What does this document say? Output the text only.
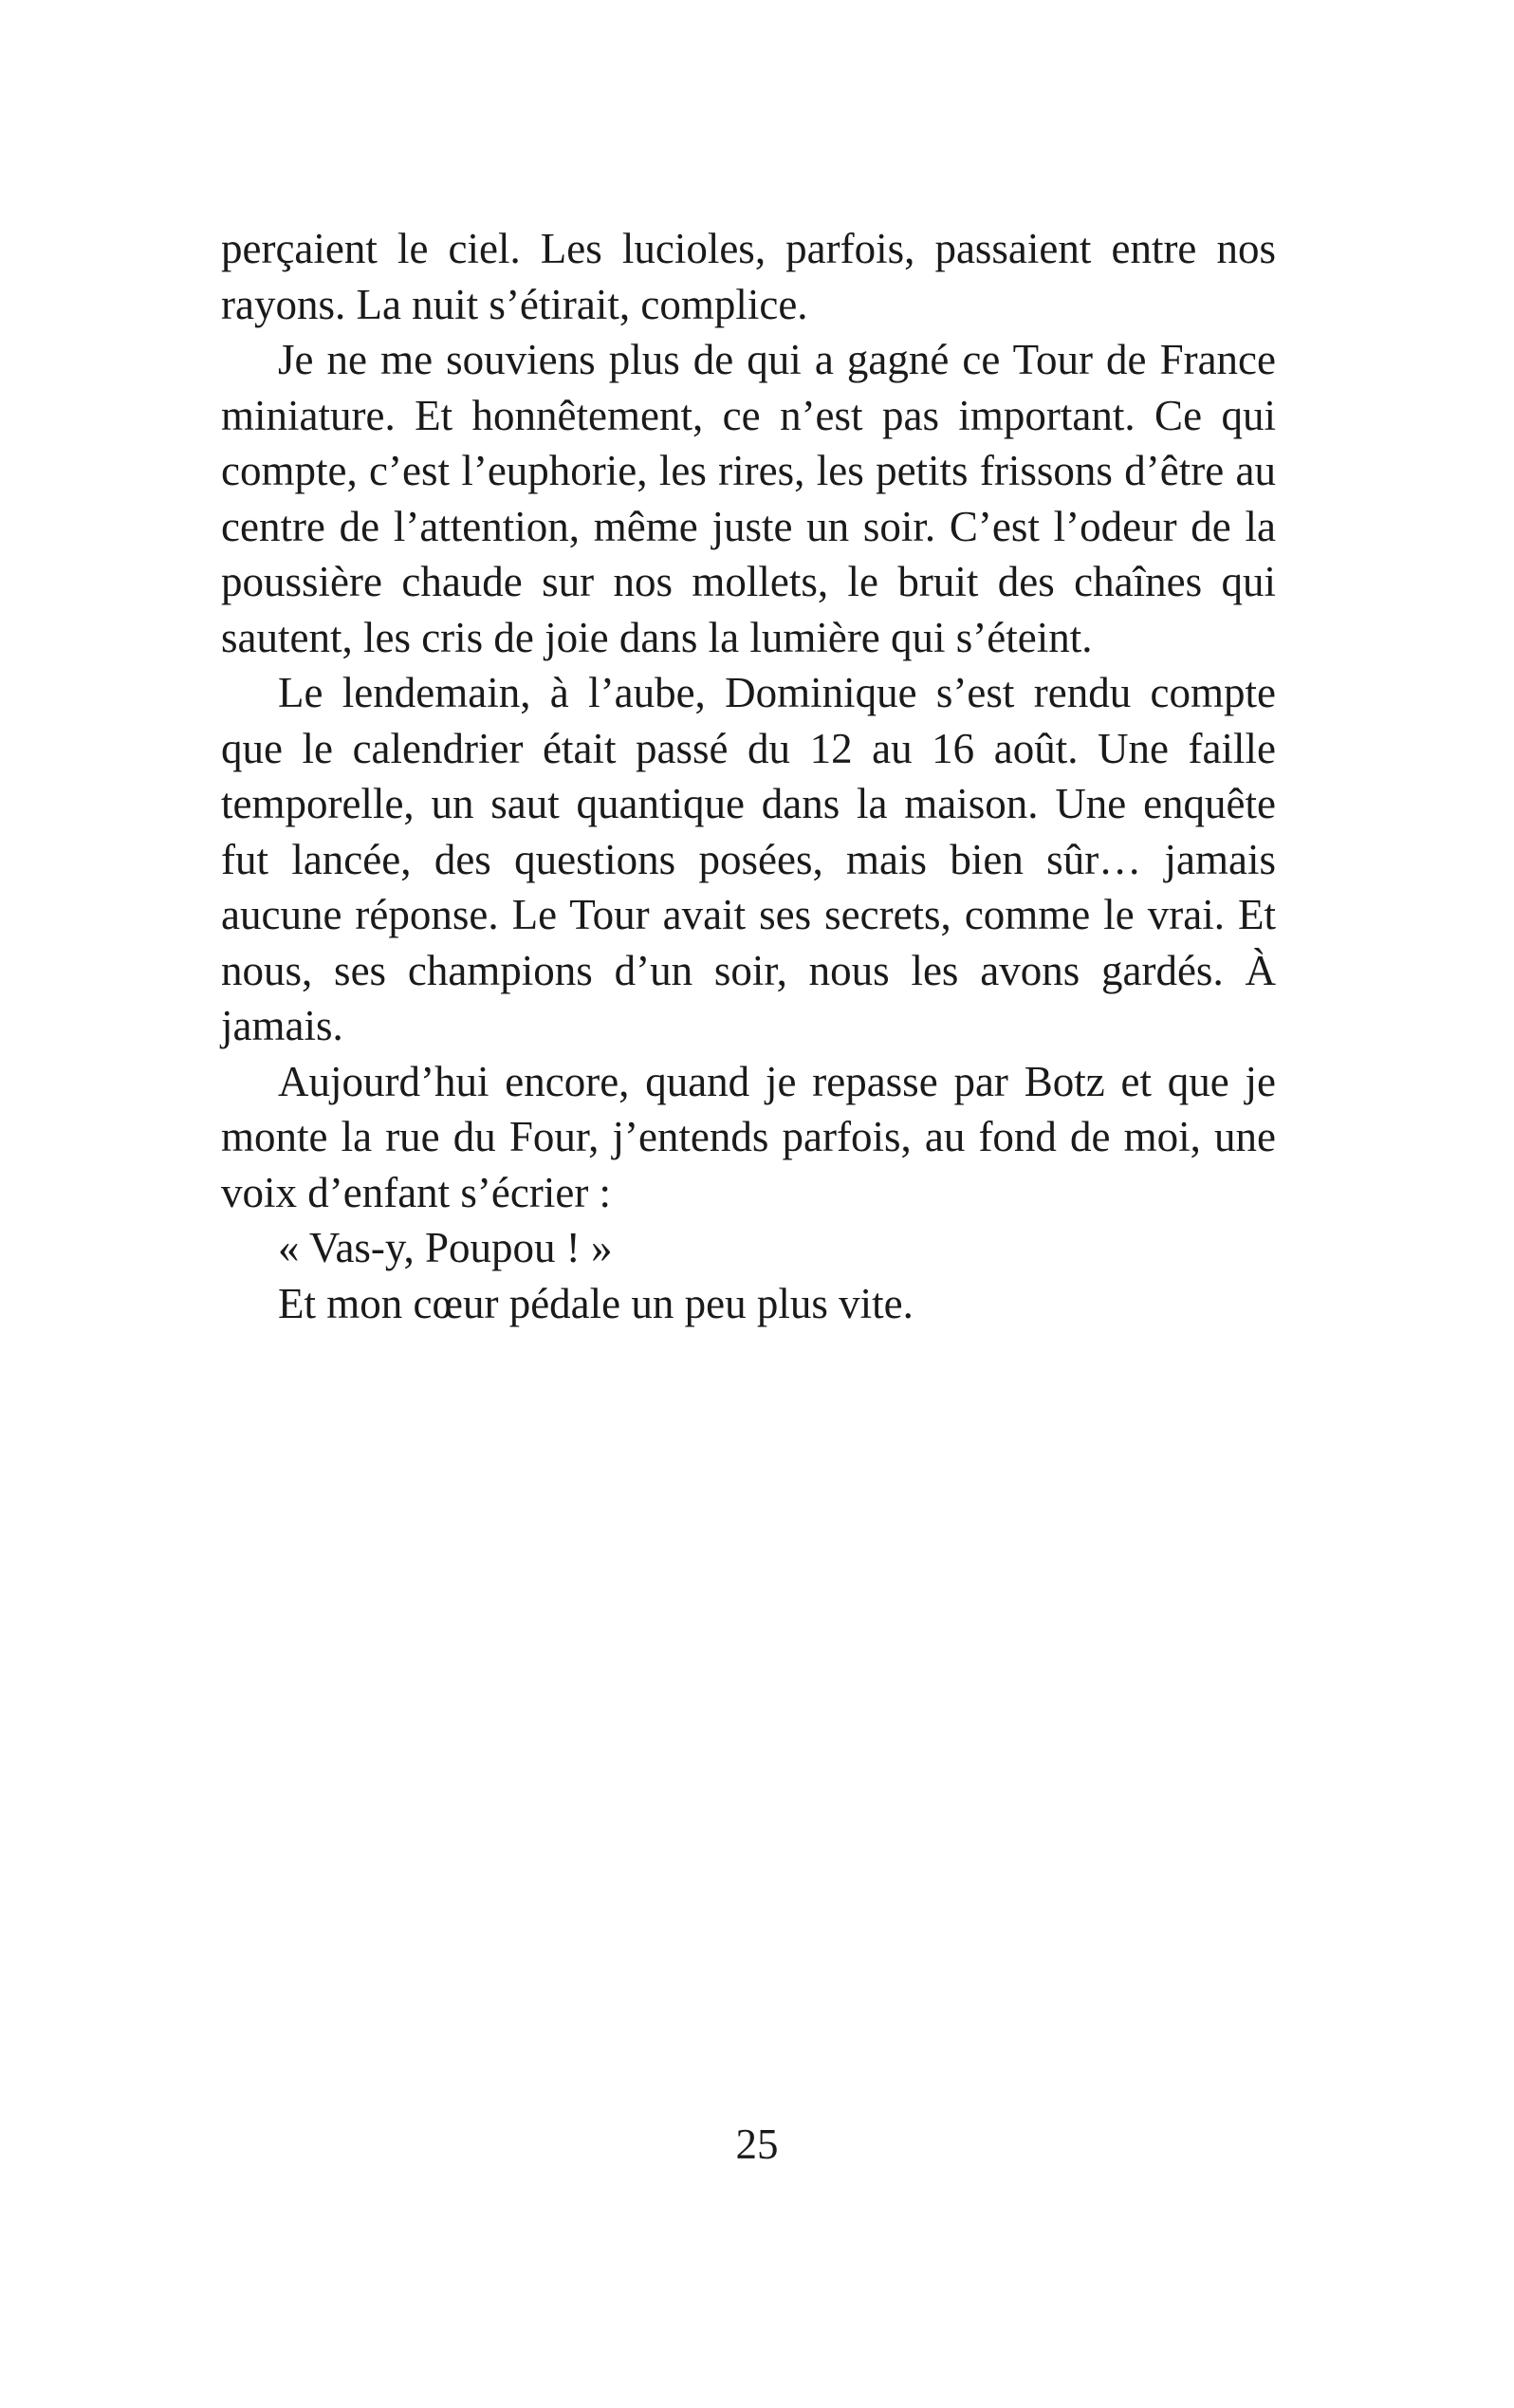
perçaient le ciel. Les lucioles, parfois, passaient entre nos rayons. La nuit s’étirait, complice.

Je ne me souviens plus de qui a gagné ce Tour de France miniature. Et honnêtement, ce n’est pas important. Ce qui compte, c’est l’euphorie, les rires, les petits frissons d’être au centre de l’attention, même juste un soir. C’est l’odeur de la poussière chaude sur nos mollets, le bruit des chaînes qui sautent, les cris de joie dans la lumière qui s’éteint.

Le lendemain, à l’aube, Dominique s’est rendu compte que le calendrier était passé du 12 au 16 août. Une faille temporelle, un saut quantique dans la maison. Une enquête fut lancée, des questions posées, mais bien sûr… jamais aucune réponse. Le Tour avait ses secrets, comme le vrai. Et nous, ses champions d’un soir, nous les avons gardés. À jamais.

Aujourd’hui encore, quand je repasse par Botz et que je monte la rue du Four, j’entends parfois, au fond de moi, une voix d’enfant s’écrier :

« Vas-y, Poupou ! »

Et mon cœur pédale un peu plus vite.

25
